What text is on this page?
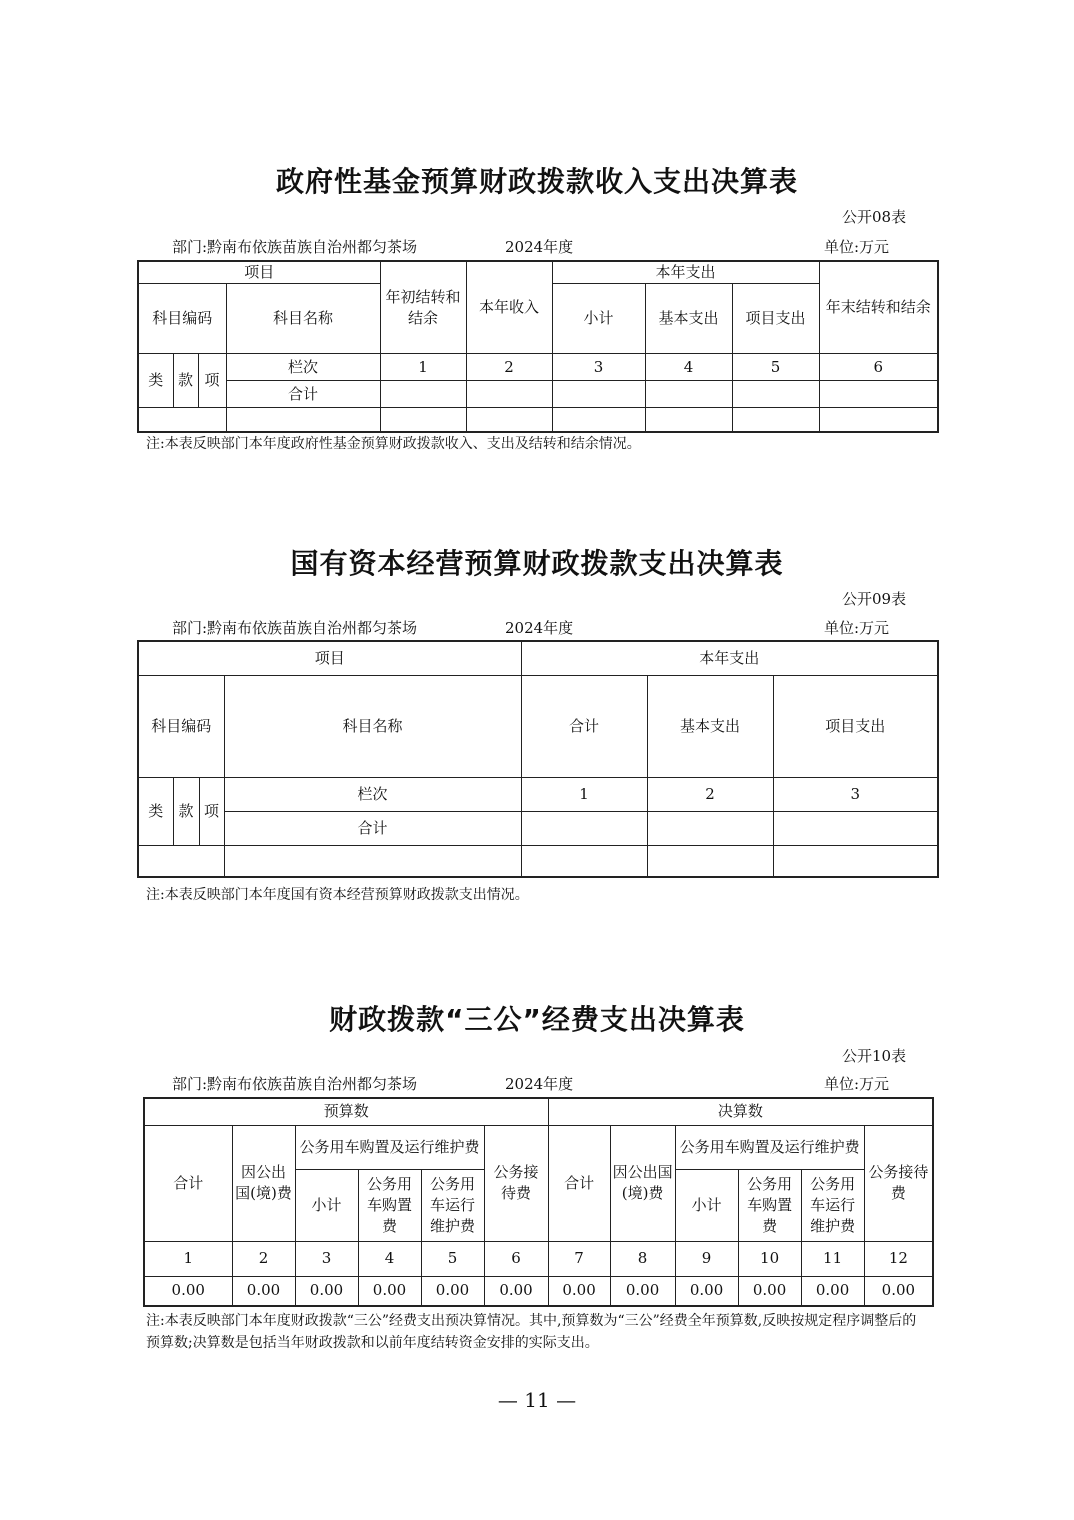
政府性基金预算财政拨款收入支出决算表
公开08表
部门:黔南布依族苗族自治州都匀茶场	2024年度	单位:万元
项目				年初结转和结余	本年收入	本年支出			年末结转和结余
科目编码			科目名称			小计	基本支出	项目支出	
类	款	项	栏次	1	2	3	4	5	6
			合计						

注:本表反映部门本年度政府性基金预算财政拨款收入、支出及结转和结余情况。
国有资本经营预算财政拨款支出决算表
公开09表
部门:黔南布依族苗族自治州都匀茶场	2024年度	单位:万元
项目				本年支出		
科目编码			科目名称	合计	基本支出	项目支出
类	款	项	栏次	1	2	3
			合计			

注:本表反映部门本年度国有资本经营预算财政拨款支出情况。
财政拨款“三公”经费支出决算表
公开10表
部门:黔南布依族苗族自治州都匀茶场	2024年度	单位:万元
预算数						决算数					
合计	因公出国(境)费	公务用车购置及运行维护费			公务接待费	合计	因公出国(境)费	公务用车购置及运行维护费			公务接待费
		小计	公务用车购置费	公务用车运行维护费				小计	公务用车购置费	公务用车运行维护费	
1	2	3	4	5	6	7	8	9	10	11	12
0.00	0.00	0.00	0.00	0.00	0.00	0.00	0.00	0.00	0.00	0.00	0.00
注:本表反映部门本年度财政拨款“三公”经费支出预决算情况。其中,预算数为“三公”经费全年预算数,反映按规定程序调整后的预算数;决算数是包括当年财政拨款和以前年度结转资金安排的实际支出。
— 11 —
